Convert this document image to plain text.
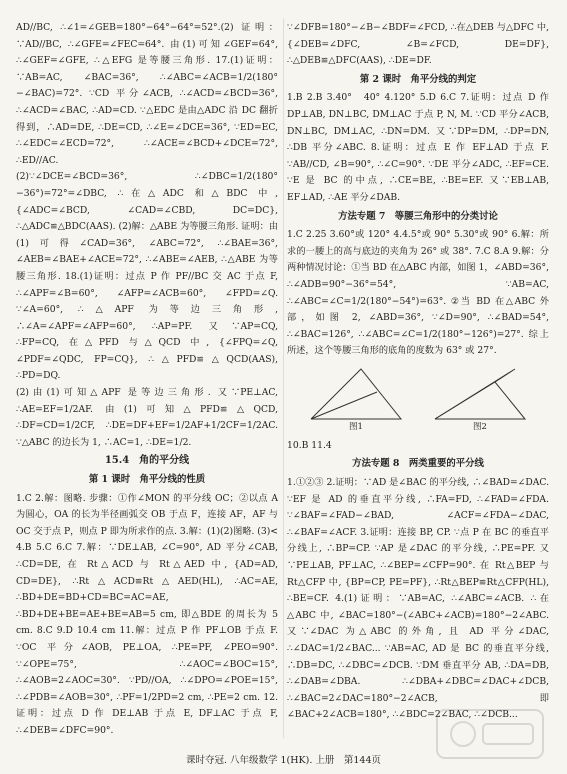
AD//BC, ∴∠1=∠GEB=180°−64°−64°=52°.(2) 证明：∵AD//BC, ∴∠GFE=∠FEC=64°. 由(1)可知∠GEF=64°, ∴∠GEF=∠GFE, ∴△EFG 是等腰三角形. 17.(1)证明：∵AB=AC, ∠BAC=36°, ∴∠ABC=∠ACB=1/2(180°−∠BAC)=72°. ∵CD 平分∠ACB, ∴∠ACD=∠BCD=36°, ∴∠ACD=∠BAC, ∴AD=CD. ∵△EDC 是由△ADC 沿 DC 翻折得到，∴AD=DE, ∴DE=CD, ∴∠E=∠DCE=36°, ∵ED=EC, ∴∠EDC=∠ECD=72°, ∴∠ACE=∠BCD+∠DCE=72°, ∴ED//AC.

(2)∵∠DCE=∠BCD=36°, ∴∠DBC=1/2(180°−36°)=72°=∠DBC, ∴在△ADC 和△BDC 中, {∠ADC=∠BCD, ∠CAD=∠CBD, DC=DC}, ∴△ADC≌△BDC(AAS). (2)解：△ABE 为等腰三角形. 证明：由(1)可得∠CAD=36°, ∠ABC=72°, ∴∠BAE=36°, ∠AEB=∠BAE+∠ACE=72°, ∴∠ABE=∠AEB, ∴△ABE 为等腰三角形. 18.(1)证明：过点 P 作 PF//BC 交 AC 于点 F, ∴∠APF=∠B=60°, ∠AFP=∠ACB=60°, ∠FPD=∠Q. ∵∠A=60°, ∴△APF 为等边三角形, ∴∠A=∠APF=∠AFP=60°, ∴AP=PF. 又∵AP=CQ, ∴FP=CQ, 在△PFD 与△QCD 中, {∠FPQ=∠Q, ∠PDF=∠QDC, FP=CQ}, ∴△PFD≌△QCD(AAS), ∴PD=DQ.

(2)由(1)可知△APF 是等边三角形. 又∵PE⊥AC, ∴AE=EF=1/2AF. 由(1)可知△PFD≌△QCD, ∴DF=CD=1/2CF, ∴DE=DF+EF=1/2AF+1/2CF=1/2AC. ∵△ABC 的边长为 1, ∴AC=1, ∴DE=1/2.

15.4　角的平分线
第 1 课时　角平分线的性质

1.C 2.解：图略. 步骤：①作∠MON 的平分线 OC；②以点 A 为圆心，OA 的长为半径画弧交 OB 于点 F，连接 AF，AF 与 OC 交于点 P，则点 P 即为所求作的点. 3.解：(1)(2)图略. (3)< 4.B 5.C 6.C 7.解：∵DE⊥AB, ∠C=90°, AD 平分∠CAB, ∴CD=DE, 在 Rt△ACD 与 Rt△AED 中, {AD=AD, CD=DE}, ∴Rt△ACD≌Rt△AED(HL), ∴AC=AE, ∴BD+DE=BD+CD=BC=AC=AE, ∴BD+DE+BE=AE+BE=AB=5 cm, 即△BDE 的周长为 5 cm. 8.C 9.D 10.4 cm 11.解：过点 P 作 PF⊥OB 于点 F. ∵OC 平分∠AOB, PE⊥OA, ∴PE=PF, ∠PEO=90°. ∵∠OPE=75°, ∴∠AOC=∠BOC=15°, ∴∠AOB=2∠AOC=30°. ∵PD//OA, ∴∠DPO=∠POE=15°, ∴∠PDB=∠AOB=30°, ∴PF=1/2PD=2 cm, ∴PE=2 cm. 12.证明：过点 D 作 DE⊥AB 于点 E, DF⊥AC 于点 F, ∴∠DEB=∠DFC=90°.

∵∠DFB=180°−∠B−∠BDF=∠FCD, ∴在△DEB 与△DFC 中, {∠DEB=∠DFC, ∠B=∠FCD, DE=DF}, ∴△DEB≌△DFC(AAS), ∴DE=DF.

第 2 课时　角平分线的判定

1.B 2.B 3.40°　40° 4.120° 5.D 6.C 7.证明：过点 D 作 DP⊥AB, DN⊥BC, DM⊥AC 于点 P, N, M. ∵CD 平分∠ACB, DN⊥BC, DM⊥AC, ∴DN=DM. 又∵DP=DM, ∴DP=DN, ∴DB 平分∠ABC. 8.证明：过点 E 作 EF⊥AD 于点 F. ∵AB//CD, ∠B=90°, ∴∠C=90°. ∵DE 平分∠ADC, ∴EF=CE. ∵E 是 BC 的中点, ∴CE=BE, ∴BE=EF. 又∵EB⊥AB, EF⊥AD, ∴AE 平分∠DAB.

方法专题 7　等腰三角形中的分类讨论

1.C 2.25 3.60°或 120° 4.4.5°或 90° 5.30°或 90° 6.解：所求的一腰上的高与底边的夹角为 26° 或 38°. 7.C 8.A 9.解：分两种情况讨论：①当 BD 在△ABC 内部，如图 1，∠ABD=36°, ∴∠ADB=90°−36°=54°, ∵AB=AC, ∴∠ABC=∠C=1/2(180°−54°)=63°. ②当 BD 在△ABC 外部，如图 2, ∠ABD=36°, ∵∠D=90°, ∴∠BAD=54°, ∴∠BAC=126°, ∴∠ABC=∠C=1/2(180°−126°)=27°. 综上所述，这个等腰三角形的底角的度数为 63° 或 27°.

图1	图2

10.B 11.4

方法专题 8　两类重要的平分线

1.①②③ 2.证明：∵AD 是∠BAC 的平分线, ∴∠BAD=∠DAC. ∵EF 是 AD 的垂直平分线, ∴FA=FD, ∴∠FAD=∠FDA. ∵∠BAF=∠FAD−∠BAD, ∠ACF=∠FDA−∠DAC, ∴∠BAF=∠ACF. 3.证明：连接 BP, CP. ∵点 P 在 BC 的垂直平分线上, ∴BP=CP. ∵AP 是∠DAC 的平分线, ∴PE=PF. 又∵PE⊥AB, PF⊥AC, ∴∠BEP=∠CFP=90°. 在 Rt△BEP 与 Rt△CFP 中, {BP=CP, PE=PF}, ∴Rt△BEP≌Rt△CFP(HL), ∴BE=CF. 4.(1)证明：∵AB=AC, ∴∠ABC=∠ACB. ∴在△ABC 中, ∠BAC=180°−(∠ABC+∠ACB)=180°−2∠ABC. 又∵∠DAC 为△ABC 的外角, 且 AD 平分∠DAC, ∴∠DAC=1/2∠BAC... ∵AB=AC, AD 是 BC 的垂直平分线, ∴DB=DC, ∴∠DBC=∠DCB. ∵DM 垂直平分 AB, ∴DA=DB, ∴∠DAB=∠DBA. ∴∠DBA+∠DBC=∠DAC+∠DCB, ∴∠BAC=2∠DAC=180°−2∠ACB, 即∠BAC+2∠ACB=180°, ∴∠BDC=2∠BAC, ∴∠DCB...

课时夺冠. 八年级数学 1(HK). 上册　第144页
